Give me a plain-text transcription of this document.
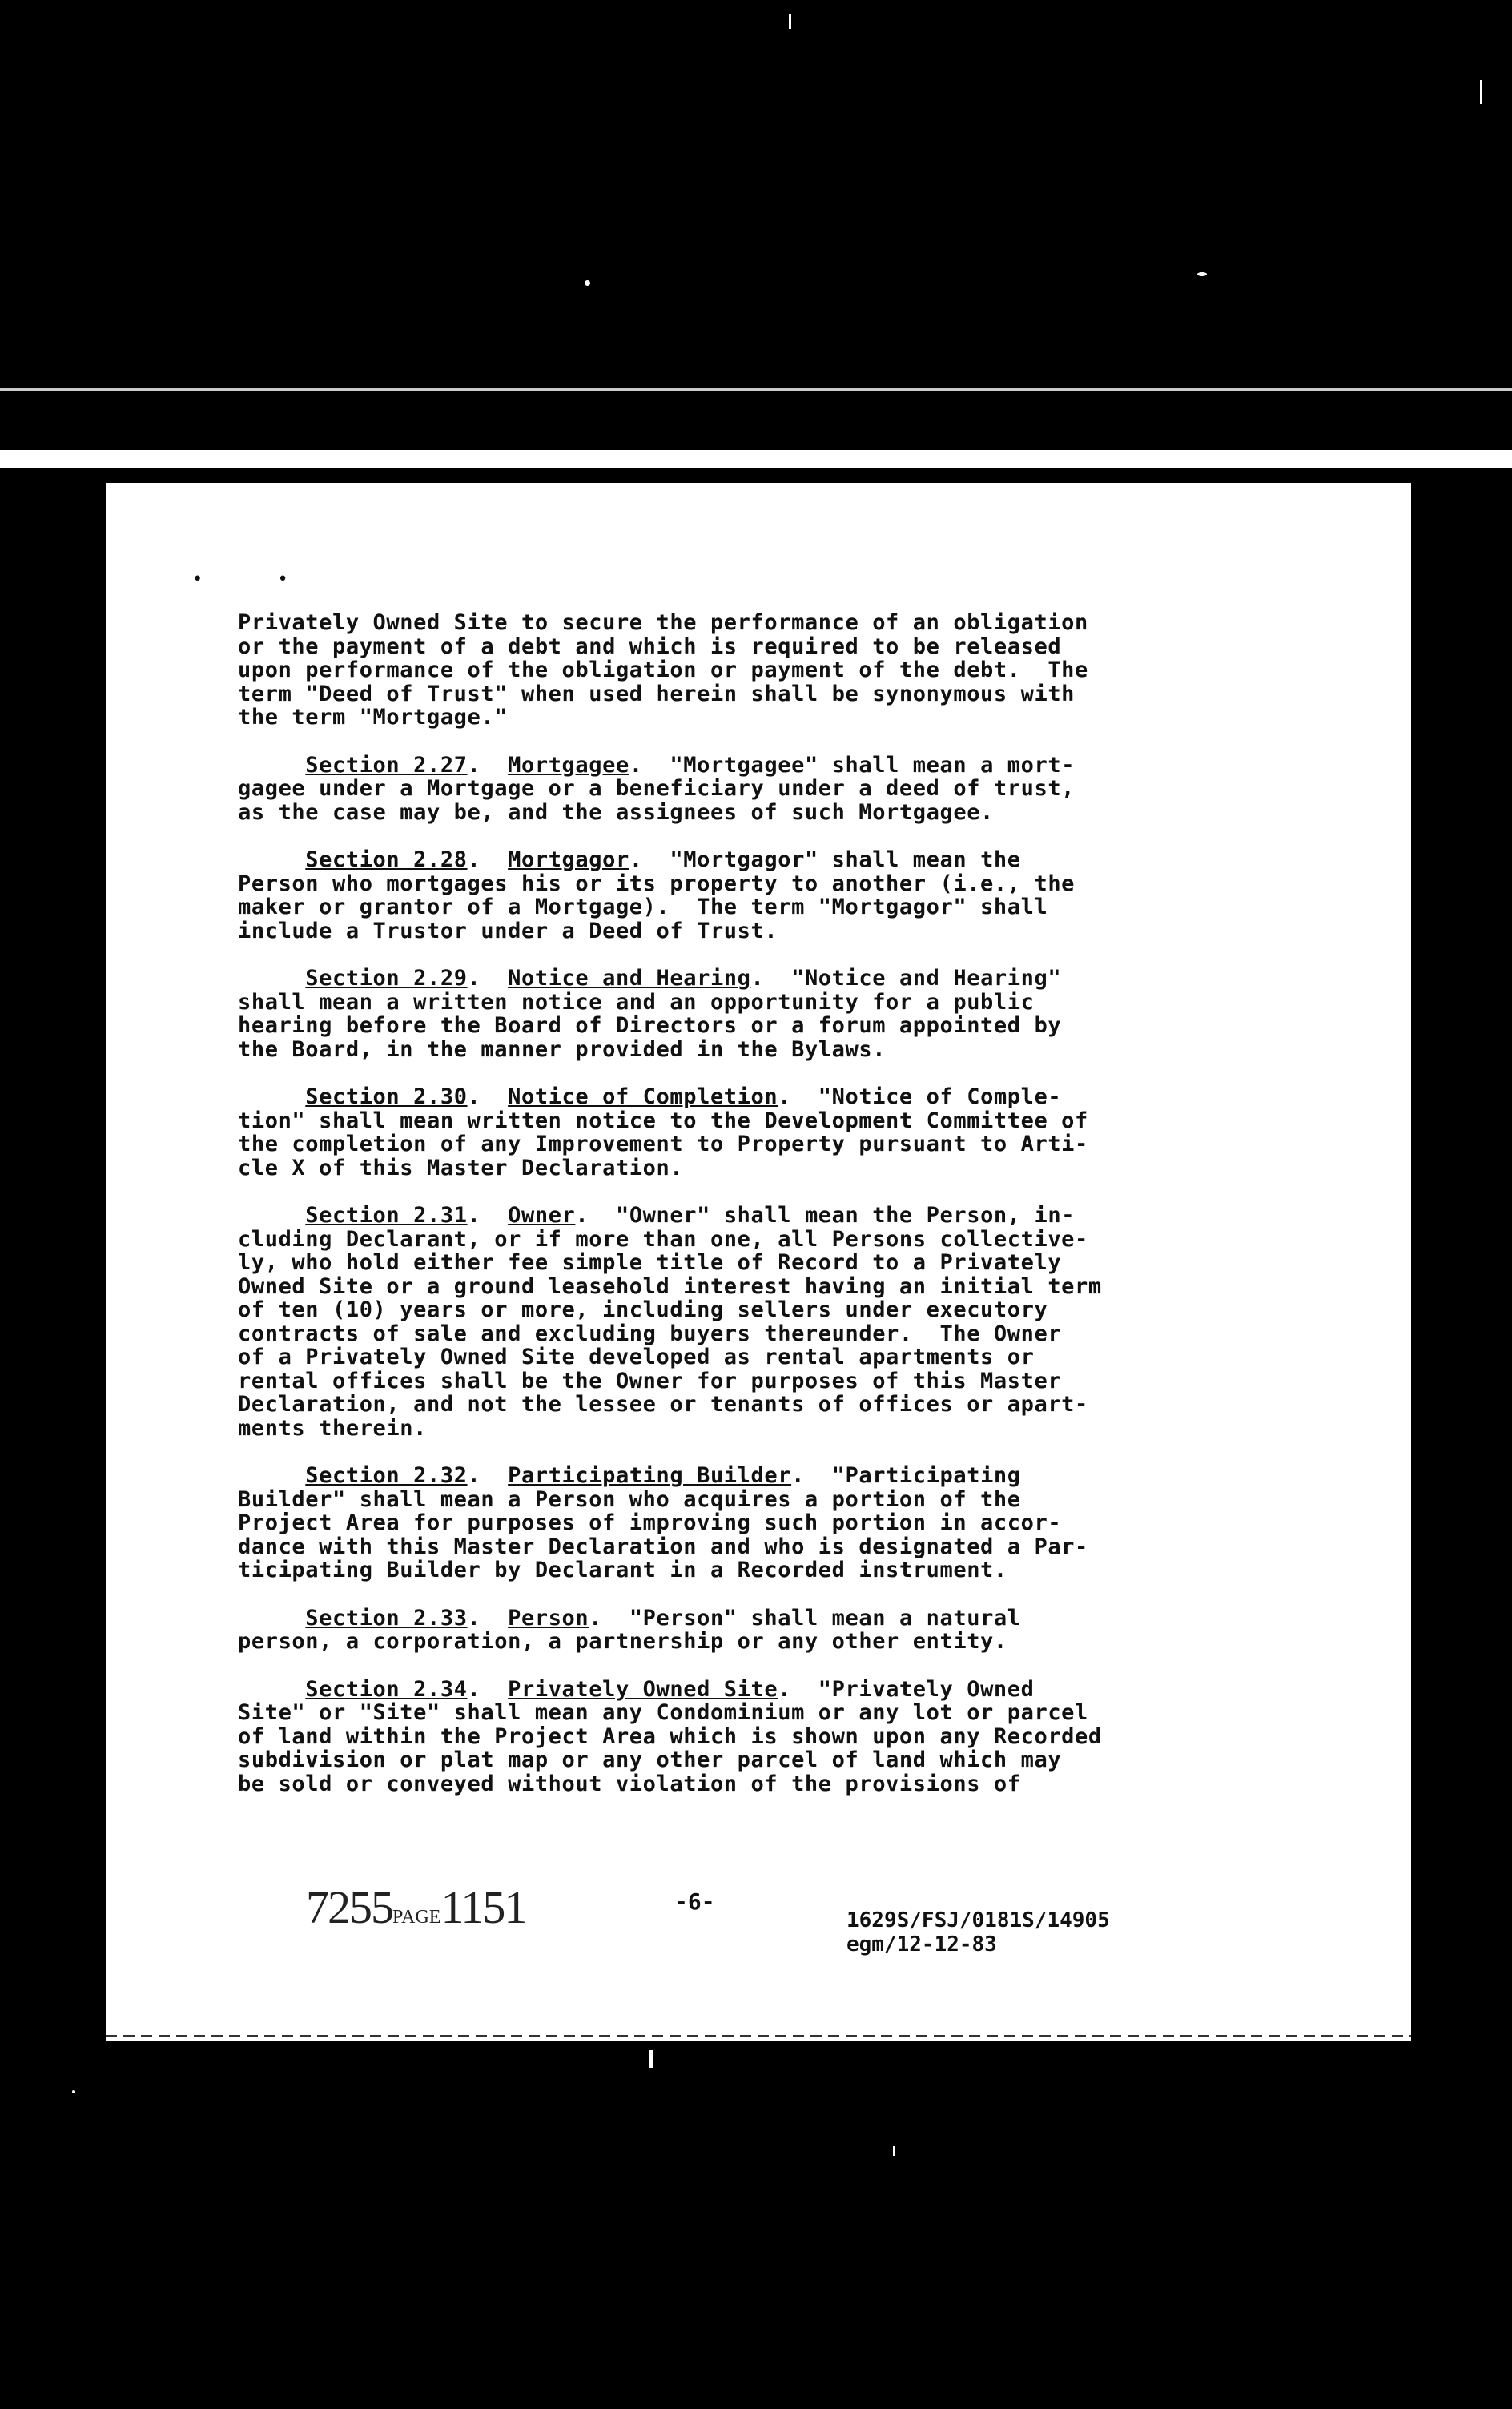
• •
Privately Owned Site to secure the performance of an obligation
or the payment of a debt and which is required to be released
upon performance of the obligation or payment of the debt.  The
term "Deed of Trust" when used herein shall be synonymous with
the term "Mortgage."
Section 2.27.  Mortgagee.  "Mortgagee" shall mean a mort-
gagee under a Mortgage or a beneficiary under a deed of trust,
as the case may be, and the assignees of such Mortgagee.
Section 2.28.  Mortgagor.  "Mortgagor" shall mean the
Person who mortgages his or its property to another (i.e., the
maker or grantor of a Mortgage).  The term "Mortgagor" shall
include a Trustor under a Deed of Trust.
Section 2.29.  Notice and Hearing.  "Notice and Hearing"
shall mean a written notice and an opportunity for a public
hearing before the Board of Directors or a forum appointed by
the Board, in the manner provided in the Bylaws.
Section 2.30.  Notice of Completion.  "Notice of Comple-
tion" shall mean written notice to the Development Committee of
the completion of any Improvement to Property pursuant to Arti-
cle X of this Master Declaration.
Section 2.31.  Owner.  "Owner" shall mean the Person, in-
cluding Declarant, or if more than one, all Persons collective-
ly, who hold either fee simple title of Record to a Privately
Owned Site or a ground leasehold interest having an initial term
of ten (10) years or more, including sellers under executory
contracts of sale and excluding buyers thereunder.  The Owner
of a Privately Owned Site developed as rental apartments or
rental offices shall be the Owner for purposes of this Master
Declaration, and not the lessee or tenants of offices or apart-
ments therein.
Section 2.32.  Participating Builder.  "Participating
Builder" shall mean a Person who acquires a portion of the
Project Area for purposes of improving such portion in accor-
dance with this Master Declaration and who is designated a Par-
ticipating Builder by Declarant in a Recorded instrument.
Section 2.33.  Person.  "Person" shall mean a natural
person, a corporation, a partnership or any other entity.
Section 2.34.  Privately Owned Site.  "Privately Owned
Site" or "Site" shall mean any Condominium or any lot or parcel
of land within the Project Area which is shown upon any Recorded
subdivision or plat map or any other parcel of land which may
be sold or conveyed without violation of the provisions of
7255PAGE1151	-6-
1629S/FSJ/0181S/14905
egm/12-12-83
